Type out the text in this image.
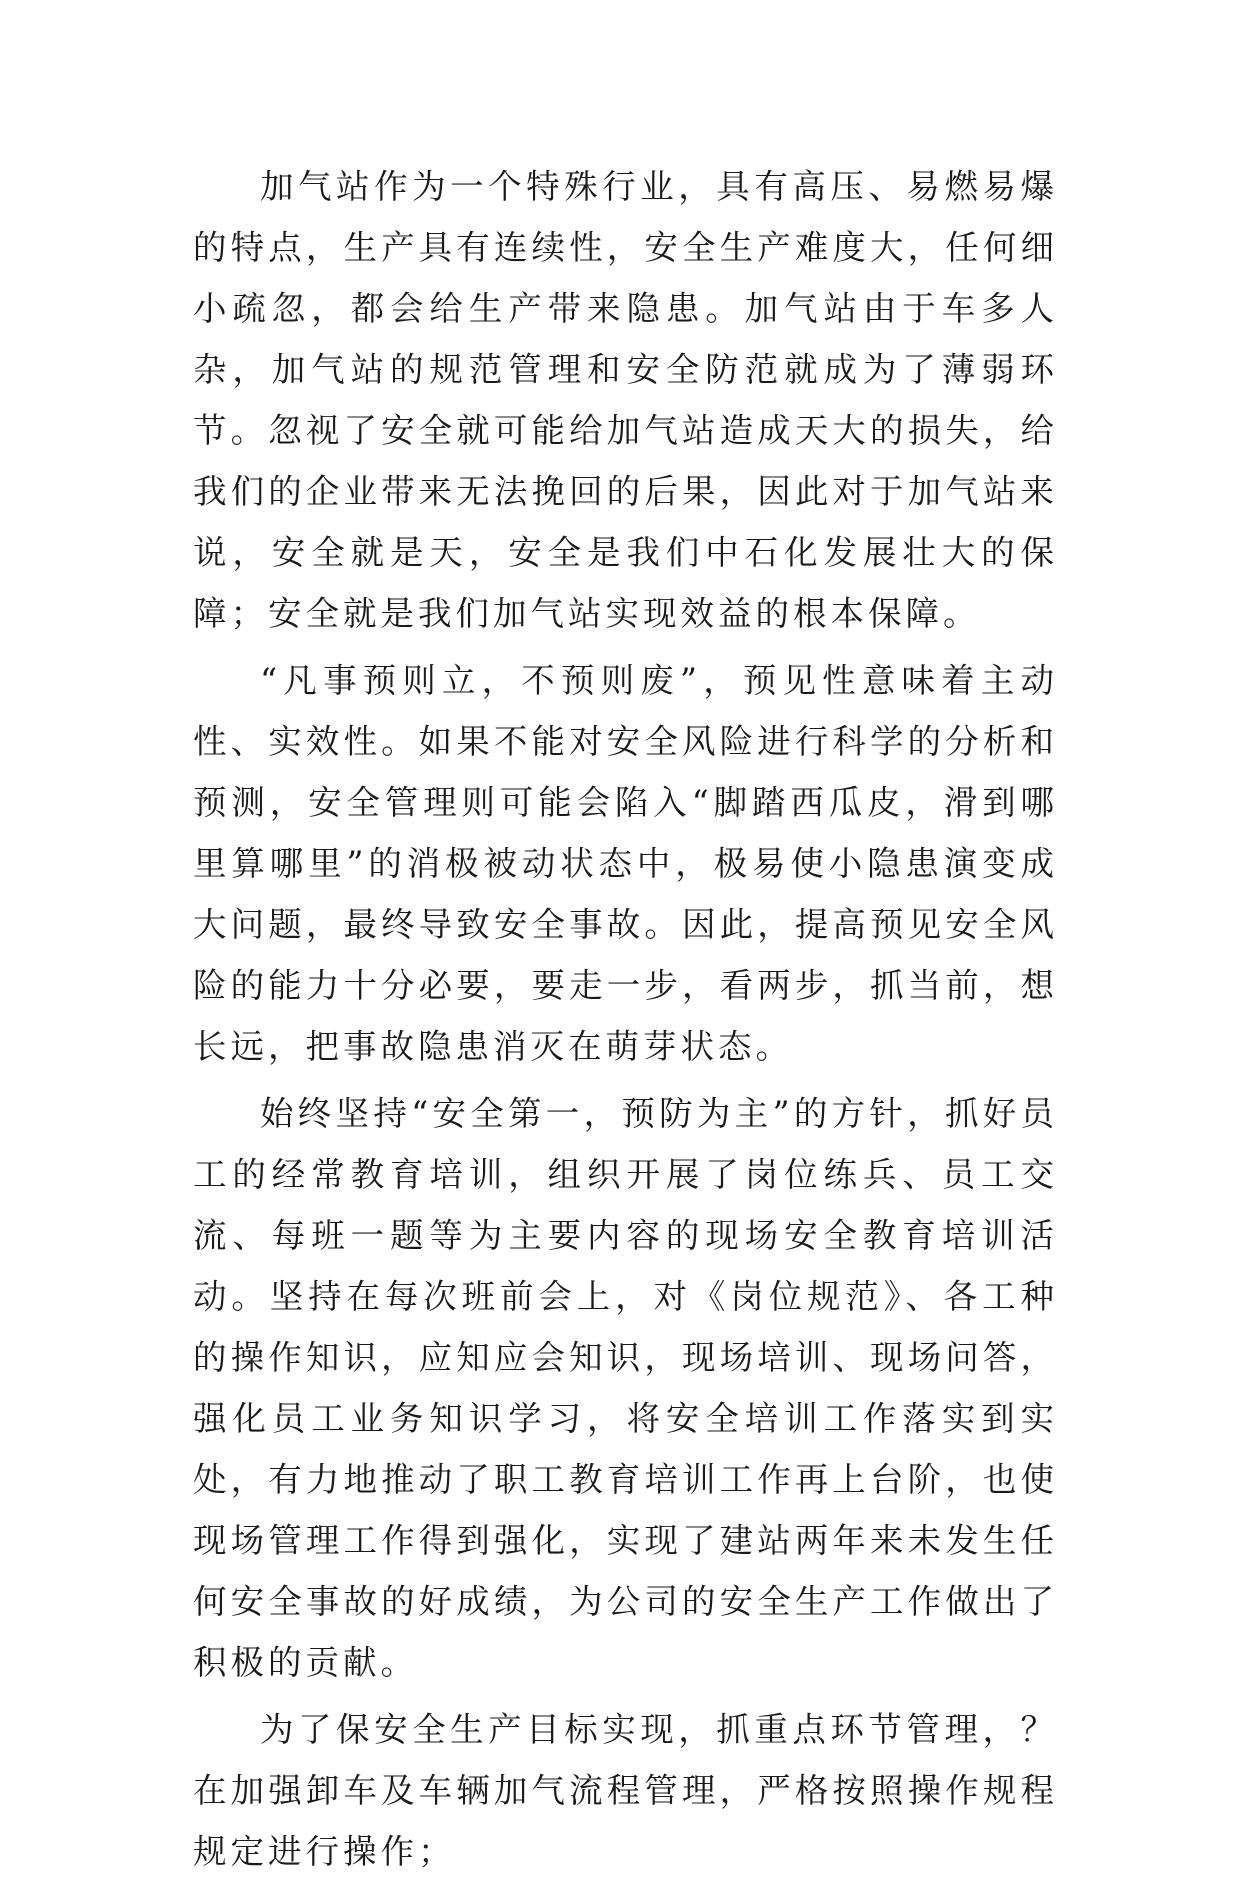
加气站作为一个特殊行业，具有高压、易燃易爆的特点，生产具有连续性，安全生产难度大，任何细小疏忽，都会给生产带来隐患。加气站由于车多人杂，加气站的规范管理和安全防范就成为了薄弱环节。忽视了安全就可能给加气站造成天大的损失，给我们的企业带来无法挽回的后果，因此对于加气站来说，安全就是天，安全是我们中石化发展壮大的保障；安全就是我们加气站实现效益的根本保障。

“凡事预则立，不预则废”，预见性意味着主动性、实效性。如果不能对安全风险进行科学的分析和预测，安全管理则可能会陷入“脚踏西瓜皮，滑到哪里算哪里”的消极被动状态中，极易使小隐患演变成大问题，最终导致安全事故。因此，提高预见安全风险的能力十分必要，要走一步，看两步，抓当前，想长远，把事故隐患消灭在萌芽状态。

始终坚持“安全第一，预防为主”的方针，抓好员工的经常教育培训，组织开展了岗位练兵、员工交流、每班一题等为主要内容的现场安全教育培训活动。坚持在每次班前会上，对《岗位规范》、各工种的操作知识，应知应会知识，现场培训、现场问答，强化员工业务知识学习，将安全培训工作落实到实处，有力地推动了职工教育培训工作再上台阶，也使现场管理工作得到强化，实现了建站两年来未发生任何安全事故的好成绩，为公司的安全生产工作做出了积极的贡献。

为了保安全生产目标实现，抓重点环节管理，？在加强卸车及车辆加气流程管理，严格按照操作规程规定进行操作；
